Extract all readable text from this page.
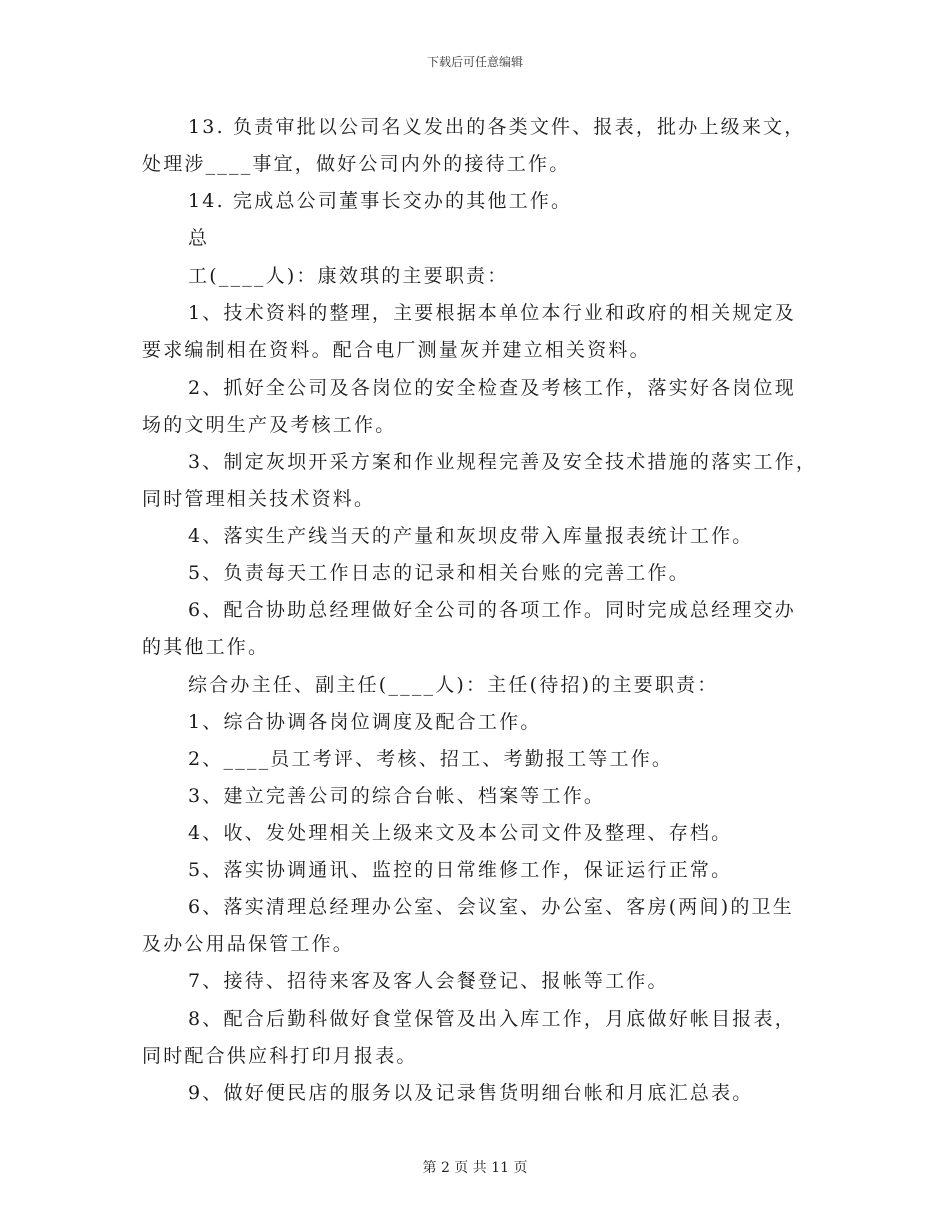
下载后可任意编辑
13. 负责审批以公司名义发出的各类文件、报表，批办上级来文，
处理涉____事宜，做好公司内外的接待工作。
14. 完成总公司董事长交办的其他工作。
总
工(____人)：康效琪的主要职责：
1、技术资料的整理，主要根据本单位本行业和政府的相关规定及
要求编制相在资料。配合电厂测量灰并建立相关资料。
2、抓好全公司及各岗位的安全检查及考核工作，落实好各岗位现
场的文明生产及考核工作。
3、制定灰坝开采方案和作业规程完善及安全技术措施的落实工作，
同时管理相关技术资料。
4、落实生产线当天的产量和灰坝皮带入库量报表统计工作。
5、负责每天工作日志的记录和相关台账的完善工作。
6、配合协助总经理做好全公司的各项工作。同时完成总经理交办
的其他工作。
综合办主任、副主任(____人)：主任(待招)的主要职责：
1、综合协调各岗位调度及配合工作。
2、____员工考评、考核、招工、考勤报工等工作。
3、建立完善公司的综合台帐、档案等工作。
4、收、发处理相关上级来文及本公司文件及整理、存档。
5、落实协调通讯、监控的日常维修工作，保证运行正常。
6、落实清理总经理办公室、会议室、办公室、客房(两间)的卫生
及办公用品保管工作。
7、接待、招待来客及客人会餐登记、报帐等工作。
8、配合后勤科做好食堂保管及出入库工作，月底做好帐目报表，
同时配合供应科打印月报表。
9、做好便民店的服务以及记录售货明细台帐和月底汇总表。
第 2 页 共 11 页
